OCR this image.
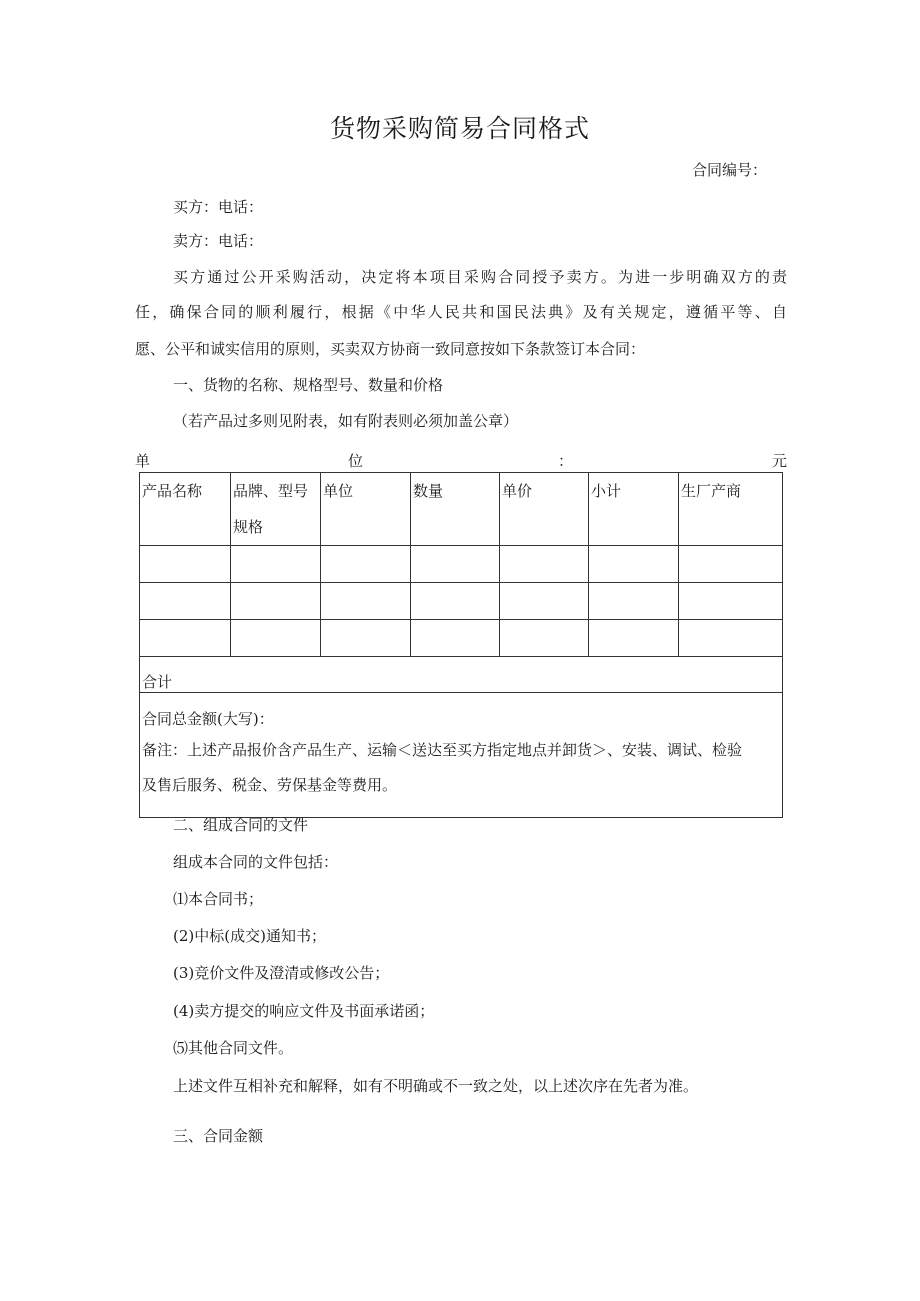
货物采购简易合同格式
合同编号：
买方：电话：
卖方：电话：
买方通过公开采购活动，决定将本项目采购合同授予卖方。为进一步明确双方的责
任，确保合同的顺利履行，根据《中华人民共和国民法典》及有关规定，遵循平等、自
愿、公平和诚实信用的原则，买卖双方协商一致同意按如下条款签订本合同：
一、货物的名称、规格型号、数量和价格
（若产品过多则见附表，如有附表则必须加盖公章）
单	位	：	元
产品名称	品牌、型号规格	单位	数量	单价	小计	生厂产商

合计						

合同总金额(大写)：
备注：上述产品报价含产品生产、运输＜送达至买方指定地点并卸货＞、安装、调试、检验及售后服务、税金、劳保基金等费用。						
二、组成合同的文件
组成本合同的文件包括：
⑴本合同书；
(2)中标(成交)通知书；
(3)竞价文件及澄清或修改公告；
(4)卖方提交的响应文件及书面承诺函；
⑸其他合同文件。
上述文件互相补充和解释，如有不明确或不一致之处，以上述次序在先者为准。
三、合同金额
